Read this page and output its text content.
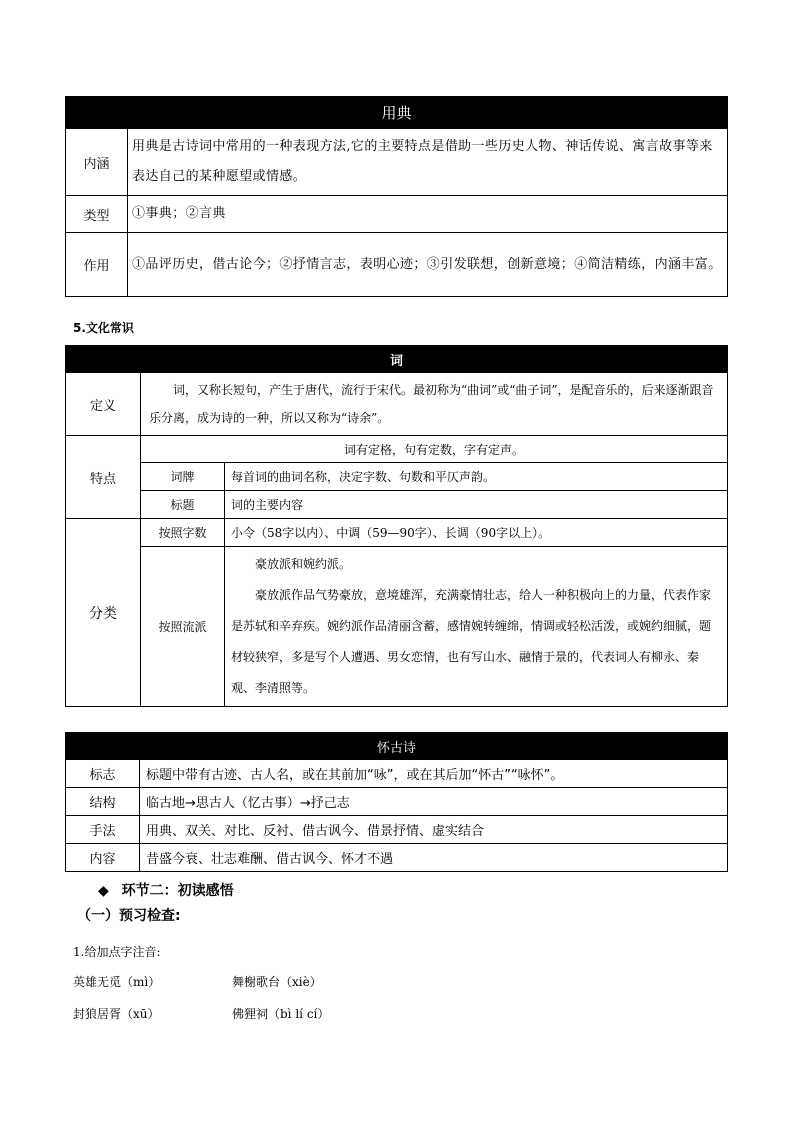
用典	
内涵	用典是古诗词中常用的一种表现方法,它的主要特点是借助一些历史人物、神话传说、寓言故事等来表达自己的某种愿望或情感。
类型	①事典；②言典
作用	①品评历史，借古论今；②抒情言志，表明心迹；③引发联想，创新意境；④简洁精练，内涵丰富。
5.文化常识
词		
定义	词，又称长短句，产生于唐代，流行于宋代。最初称为“曲词”或“曲子词”，是配音乐的，后来逐渐跟音乐分离，成为诗的一种，所以又称为“诗余”。	
特点	词有定格，句有定数，字有定声。	
	词牌	每首词的曲词名称，决定字数、句数和平仄声韵。
	标题	词的主要内容
分类	按照字数	小令（58字以内）、中调（59—90字）、长调（90字以上）。
	按照流派	豪放派和婉约派。
豪放派作品气势豪放，意境雄浑，充满豪情壮志，给人一种积极向上的力量，代表作家是苏轼和辛弃疾。婉约派作品清丽含蓄，感情婉转缠绵，情调或轻松活泼，或婉约细腻，题材较狭窄，多是写个人遭遇、男女恋情，也有写山水、融情于景的，代表词人有柳永、秦观、李清照等。
怀古诗	
标志	标题中带有古迹、古人名，或在其前加“咏”，或在其后加“怀古”“咏怀”。
结构	临古地→思古人（忆古事）→抒己志
手法	用典、双关、对比、反衬、借古讽今、借景抒情、虚实结合
内容	昔盛今衰、壮志难酬、借古讽今、怀才不遇
◆ 环节二：初读感悟
（一）预习检查:
1.给加点字注音:
英雄无觅（mì）	舞榭歌台（xiè）
封狼居胥（xū）	佛狸祠（bì lí cí）
